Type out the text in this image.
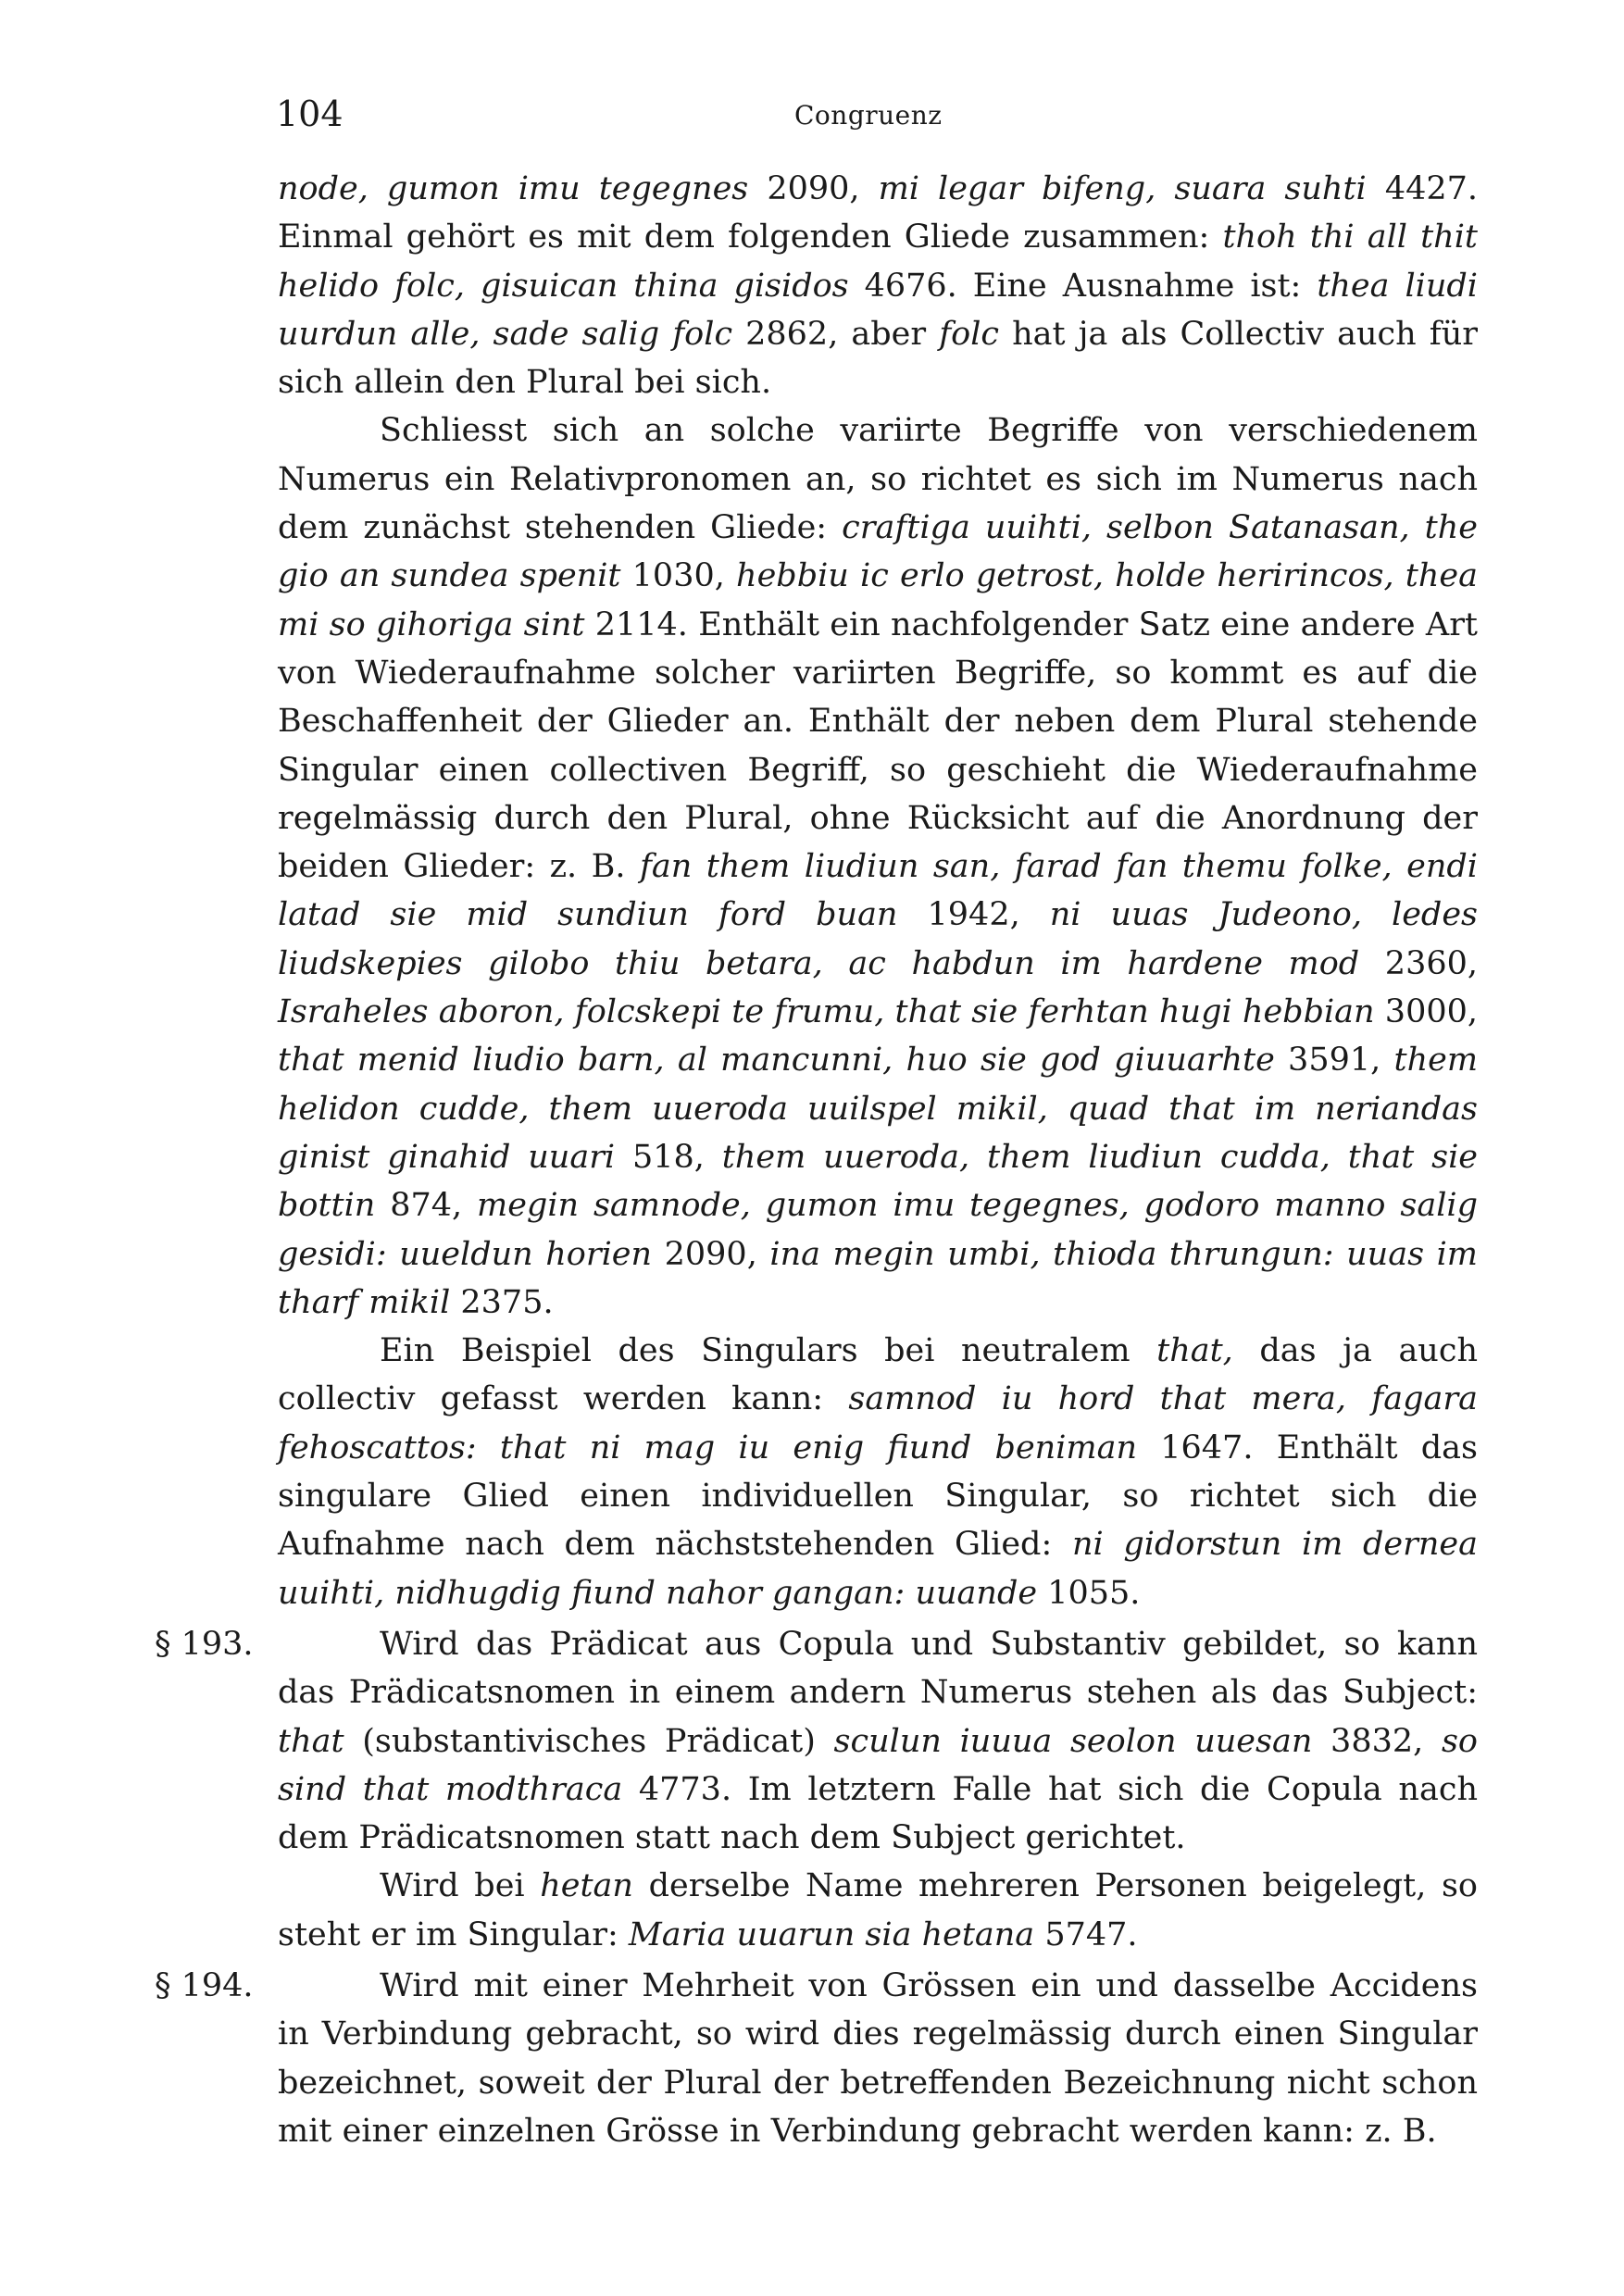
104	Congruenz

node, gumon imu tegegnes 2090, mi legar bifeng, suara suhti 4427. Einmal gehört es mit dem folgenden Gliede zusammen: thoh thi all thit helido folc, gisuican thina gisidos 4676. Eine Ausnahme ist: thea liudi uurdun alle, sade salig folc 2862, aber folc hat ja als Collectiv auch für sich allein den Plural bei sich.

Schliesst sich an solche variirte Begriffe von verschiedenem Numerus ein Relativpronomen an, so richtet es sich im Numerus nach dem zunächst stehenden Gliede: craftiga uuihti, selbon Satanasan, the gio an sundea spenit 1030, hebbiu ic erlo getrost, holde heririncos, thea mi so gihoriga sint 2114. Enthält ein nachfolgender Satz eine andere Art von Wiederaufnahme solcher variirten Begriffe, so kommt es auf die Beschaffenheit der Glieder an. Enthält der neben dem Plural stehende Singular einen collectiven Begriff, so geschieht die Wiederaufnahme regelmässig durch den Plural, ohne Rücksicht auf die Anordnung der beiden Glieder: z. B. fan them liudiun san, farad fan themu folke, endi latad sie mid sundiun ford buan 1942, ni uuas Judeono, ledes liudskepies gilobo thiu betara, ac habdun im hardene mod 2360, Israheles aboron, folcskepi te frumu, that sie ferhtan hugi hebbian 3000, that menid liudio barn, al mancunni, huo sie god giuuarhte 3591, them helidon cudde, them uueroda uuilspel mikil, quad that im neriandas ginist ginahid uuari 518, them uueroda, them liudiun cudda, that sie bottin 874, megin samnode, gumon imu tegegnes, godoro manno salig gesidi: uueldun horien 2090, ina megin umbi, thioda thrungun: uuas im tharf mikil 2375.

Ein Beispiel des Singulars bei neutralem that, das ja auch collectiv gefasst werden kann: samnod iu hord that mera, fagara fehoscattos: that ni mag iu enig fiund beniman 1647. Enthält das singulare Glied einen individuellen Singular, so richtet sich die Aufnahme nach dem nächststehenden Glied: ni gidorstun im dernea uuihti, nidhugdig fiund nahor gangan: uuande 1055.

§ 193.	Wird das Prädicat aus Copula und Substantiv gebildet, so kann das Prädicatsnomen in einem andern Numerus stehen als das Subject: that (substantivisches Prädicat) sculun iuuua seolon uuesan 3832, so sind that modthraca 4773. Im letztern Falle hat sich die Copula nach dem Prädicatsnomen statt nach dem Subject gerichtet.

Wird bei hetan derselbe Name mehreren Personen beigelegt, so steht er im Singular: Maria uuarun sia hetana 5747.

§ 194.	Wird mit einer Mehrheit von Grössen ein und dasselbe Accidens in Verbindung gebracht, so wird dies regelmässig durch einen Singular bezeichnet, soweit der Plural der betreffenden Bezeichnung nicht schon mit einer einzelnen Grösse in Verbindung gebracht werden kann: z. B.
